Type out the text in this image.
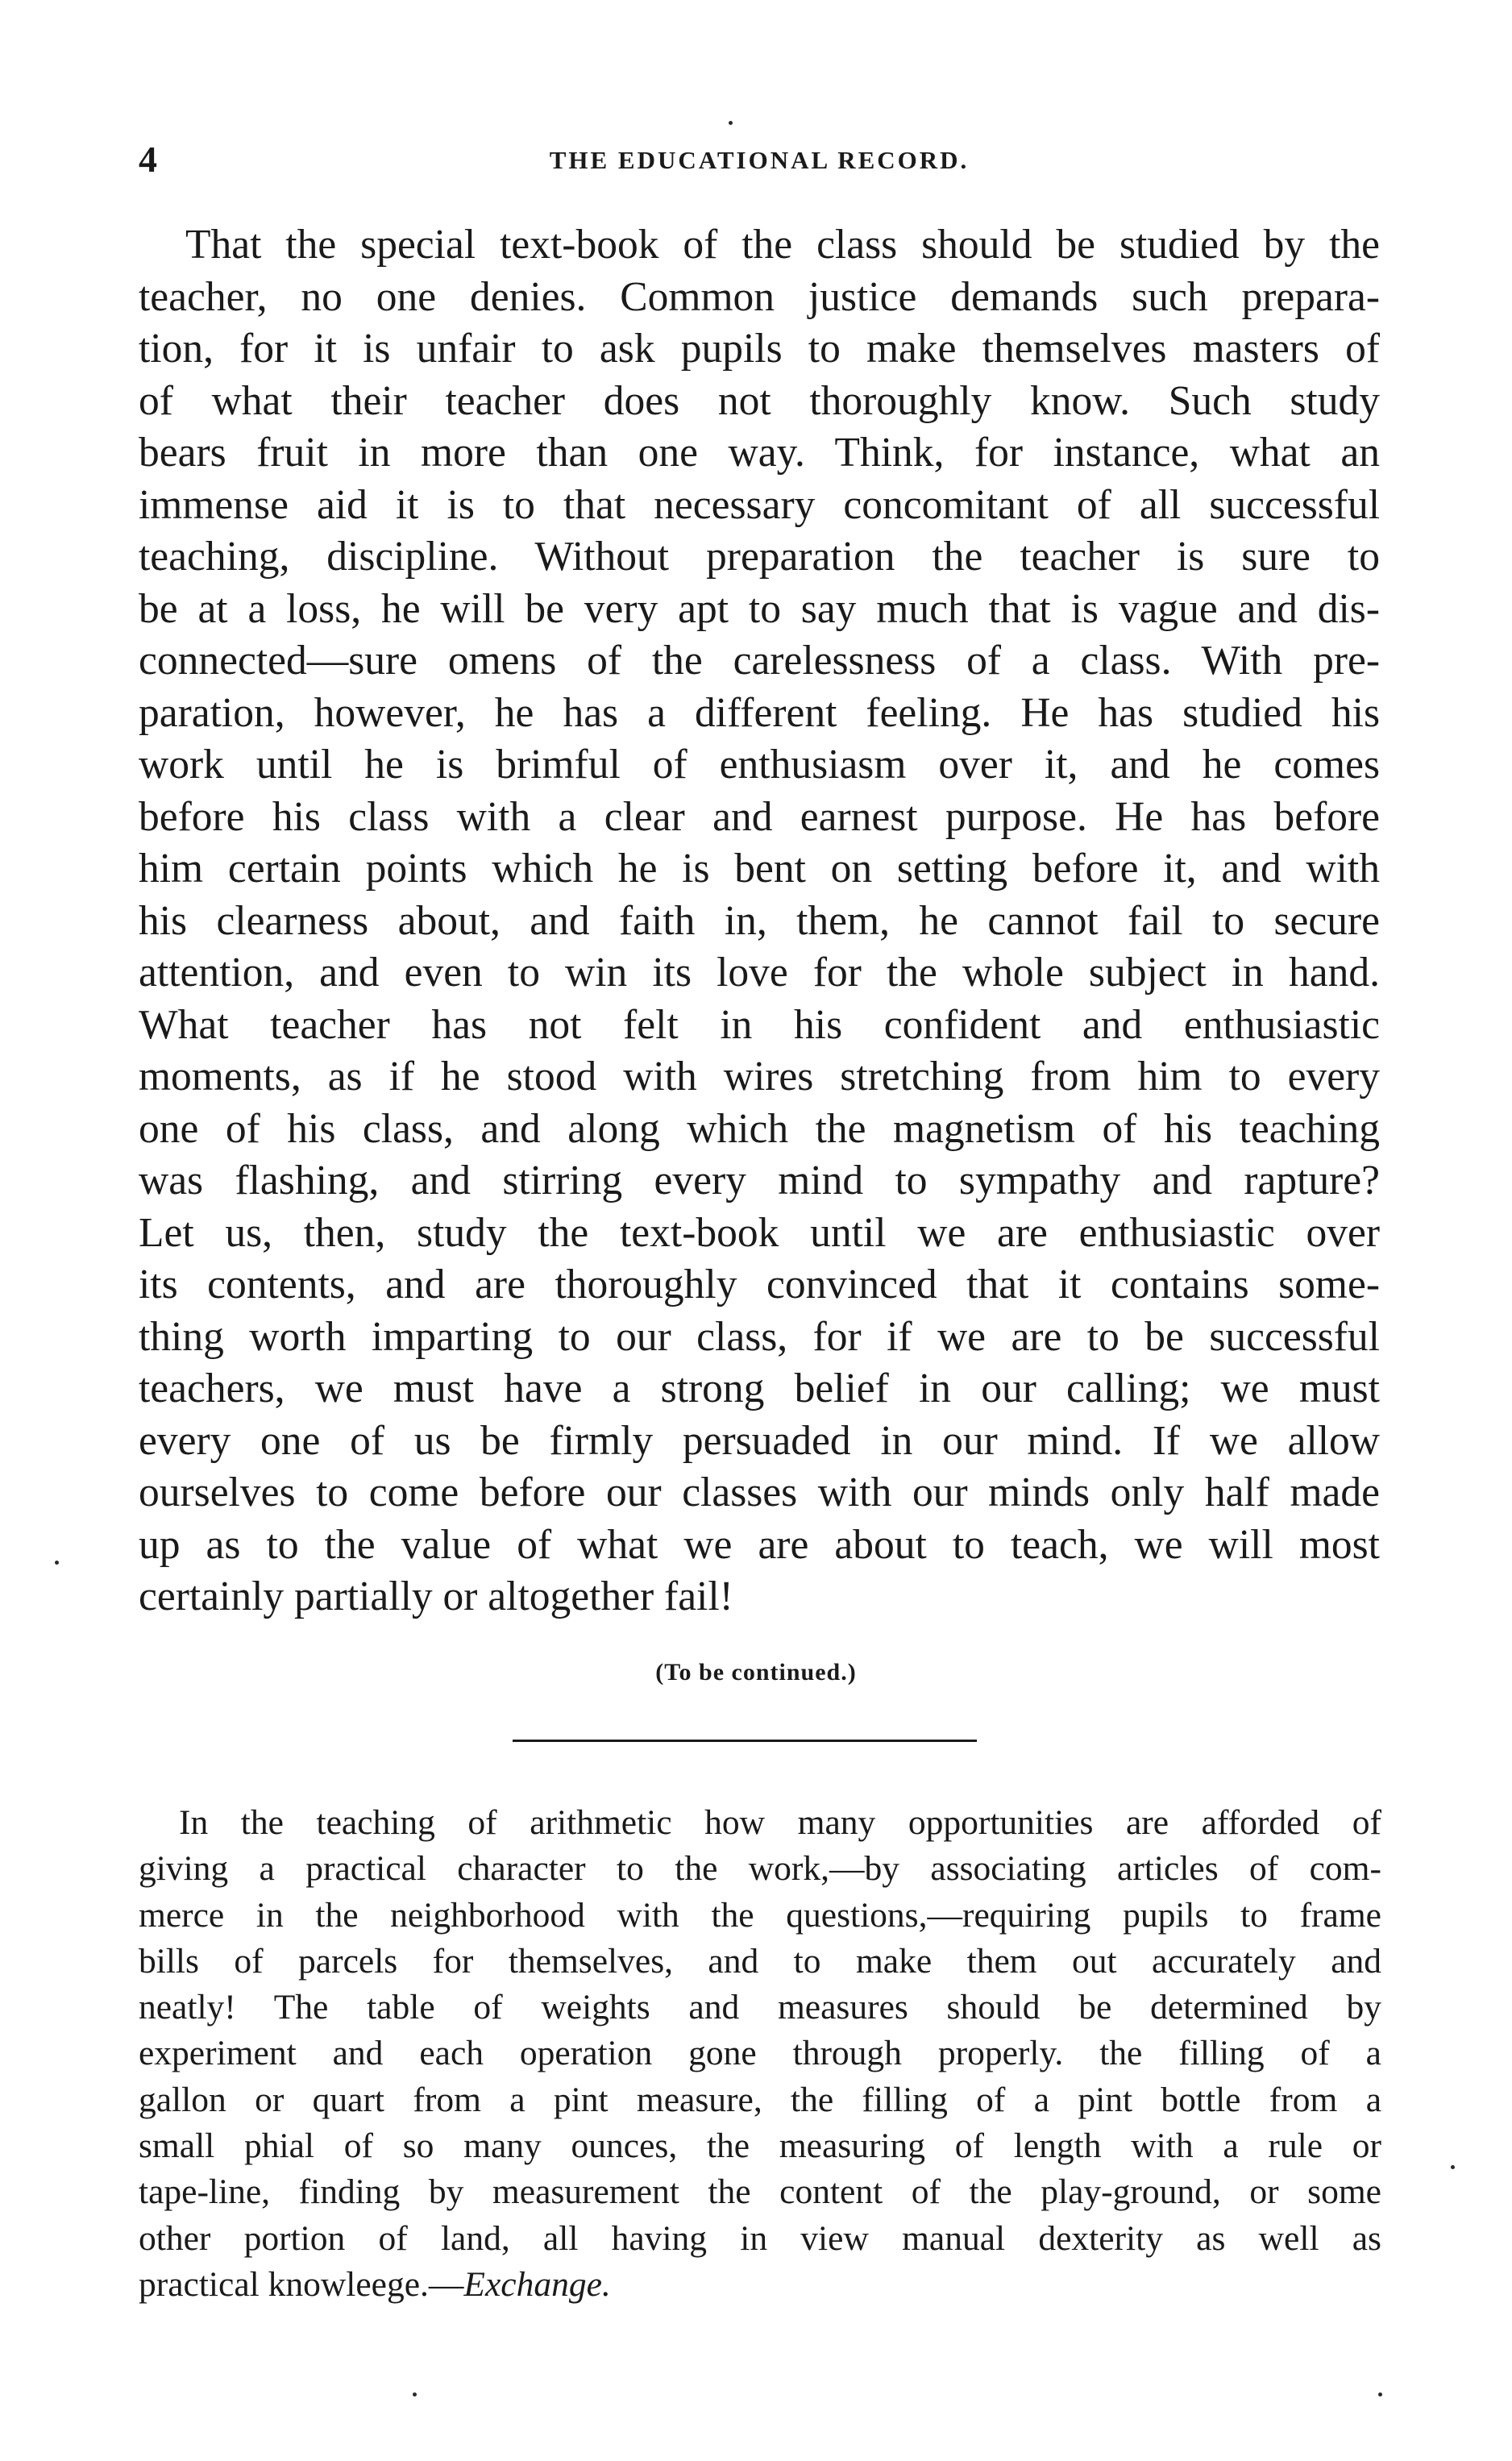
4	THE EDUCATIONAL RECORD.
That the special text-book of the class should be studied by the
teacher, no one denies. Common justice demands such prepara-
tion, for it is unfair to ask pupils to make themselves masters of
of what their teacher does not thoroughly know. Such study
bears fruit in more than one way. Think, for instance, what an
immense aid it is to that necessary concomitant of all successful
teaching, discipline. Without preparation the teacher is sure to
be at a loss, he will be very apt to say much that is vague and dis-
connected—sure omens of the carelessness of a class. With pre-
paration, however, he has a different feeling. He has studied his
work until he is brimful of enthusiasm over it, and he comes
before his class with a clear and earnest purpose. He has before
him certain points which he is bent on setting before it, and with
his clearness about, and faith in, them, he cannot fail to secure
attention, and even to win its love for the whole subject in hand.
What teacher has not felt in his confident and enthusiastic
moments, as if he stood with wires stretching from him to every
one of his class, and along which the magnetism of his teaching
was flashing, and stirring every mind to sympathy and rapture?
Let us, then, study the text-book until we are enthusiastic over
its contents, and are thoroughly convinced that it contains some-
thing worth imparting to our class, for if we are to be successful
teachers, we must have a strong belief in our calling; we must
every one of us be firmly persuaded in our mind. If we allow
ourselves to come before our classes with our minds only half made
up as to the value of what we are about to teach, we will most
certainly partially or altogether fail!
(To be continued.)
In the teaching of arithmetic how many opportunities are afforded of
giving a practical character to the work,—by associating articles of com-
merce in the neighborhood with the questions,—requiring pupils to frame
bills of parcels for themselves, and to make them out accurately and
neatly! The table of weights and measures should be determined by
experiment and each operation gone through properly. the filling of a
gallon or quart from a pint measure, the filling of a pint bottle from a
small phial of so many ounces, the measuring of length with a rule or
tape-line, finding by measurement the content of the play-ground, or some
other portion of land, all having in view manual dexterity as well as
practical knowleege.—Exchange.
